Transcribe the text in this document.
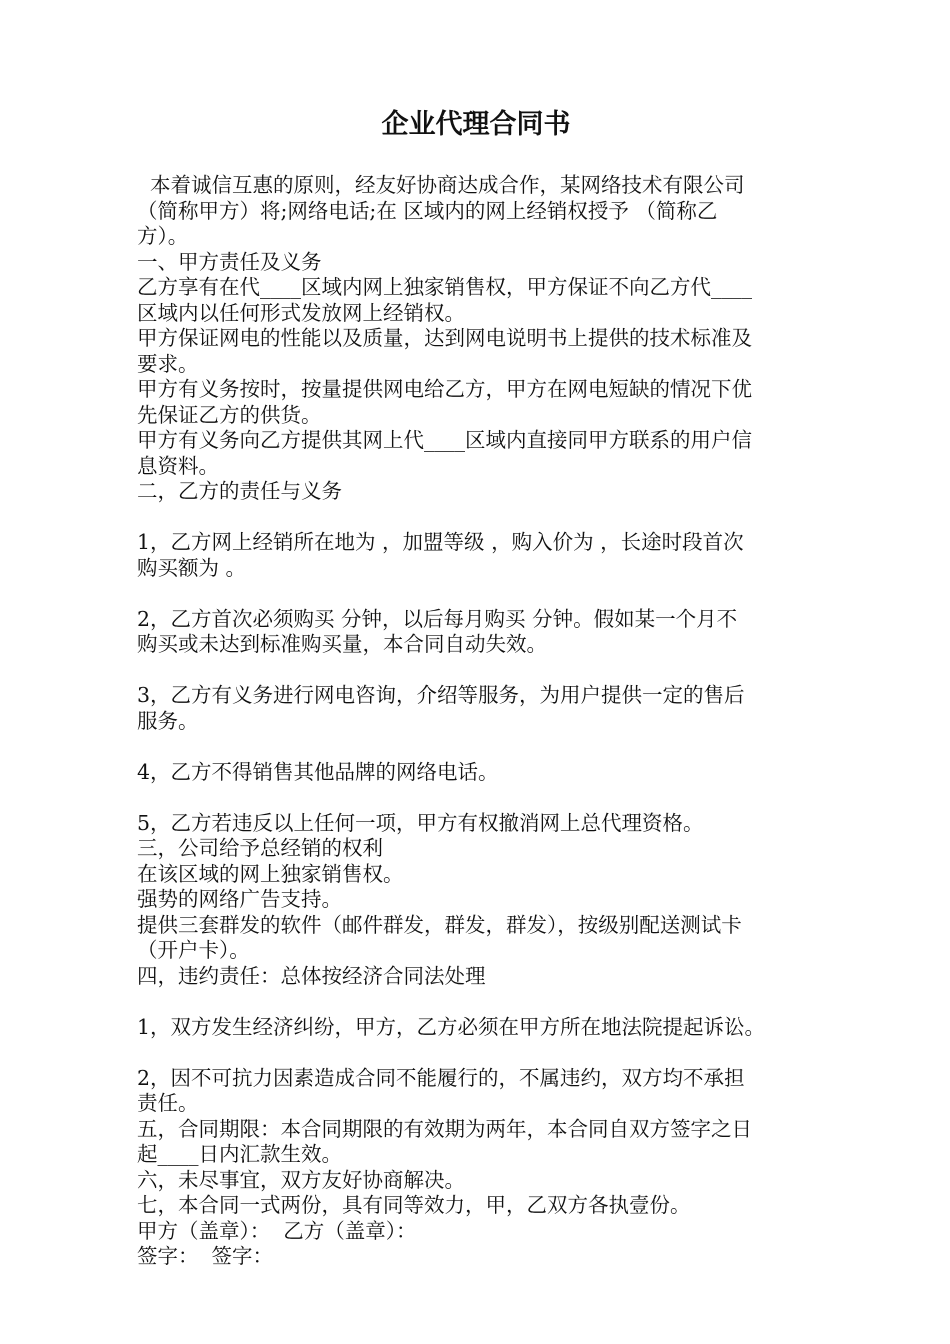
企业代理合同书
本着诚信互惠的原则，经友好协商达成合作，某网络技术有限公司
（简称甲方）将;网络电话;在 区域内的网上经销权授予 （简称乙
方）。
一、甲方责任及义务
乙方享有在代____区域内网上独家销售权，甲方保证不向乙方代____
区域内以任何形式发放网上经销权。
甲方保证网电的性能以及质量，达到网电说明书上提供的技术标准及
要求。
甲方有义务按时，按量提供网电给乙方，甲方在网电短缺的情况下优
先保证乙方的供货。
甲方有义务向乙方提供其网上代____区域内直接同甲方联系的用户信
息资料。
二，乙方的责任与义务
1，乙方网上经销所在地为 ，加盟等级 ，购入价为 ，长途时段首次
购买额为 。
2，乙方首次必须购买 分钟，以后每月购买 分钟。假如某一个月不
购买或未达到标准购买量，本合同自动失效。
3，乙方有义务进行网电咨询，介绍等服务，为用户提供一定的售后
服务。
4，乙方不得销售其他品牌的网络电话。
5，乙方若违反以上任何一项，甲方有权撤消网上总代理资格。
三，公司给予总经销的权利
在该区域的网上独家销售权。
强势的网络广告支持。
提供三套群发的软件（邮件群发，群发，群发），按级别配送测试卡
（开户卡）。
四，违约责任：总体按经济合同法处理
1，双方发生经济纠纷，甲方，乙方必须在甲方所在地法院提起诉讼。
2，因不可抗力因素造成合同不能履行的，不属违约，双方均不承担
责任。
五，合同期限：本合同期限的有效期为两年，本合同自双方签字之日
起____日内汇款生效。
六，未尽事宜，双方友好协商解决。
七，本合同一式两份，具有同等效力，甲，乙双方各执壹份。
甲方（盖章）：  乙方（盖章）：
签字：  签字：
